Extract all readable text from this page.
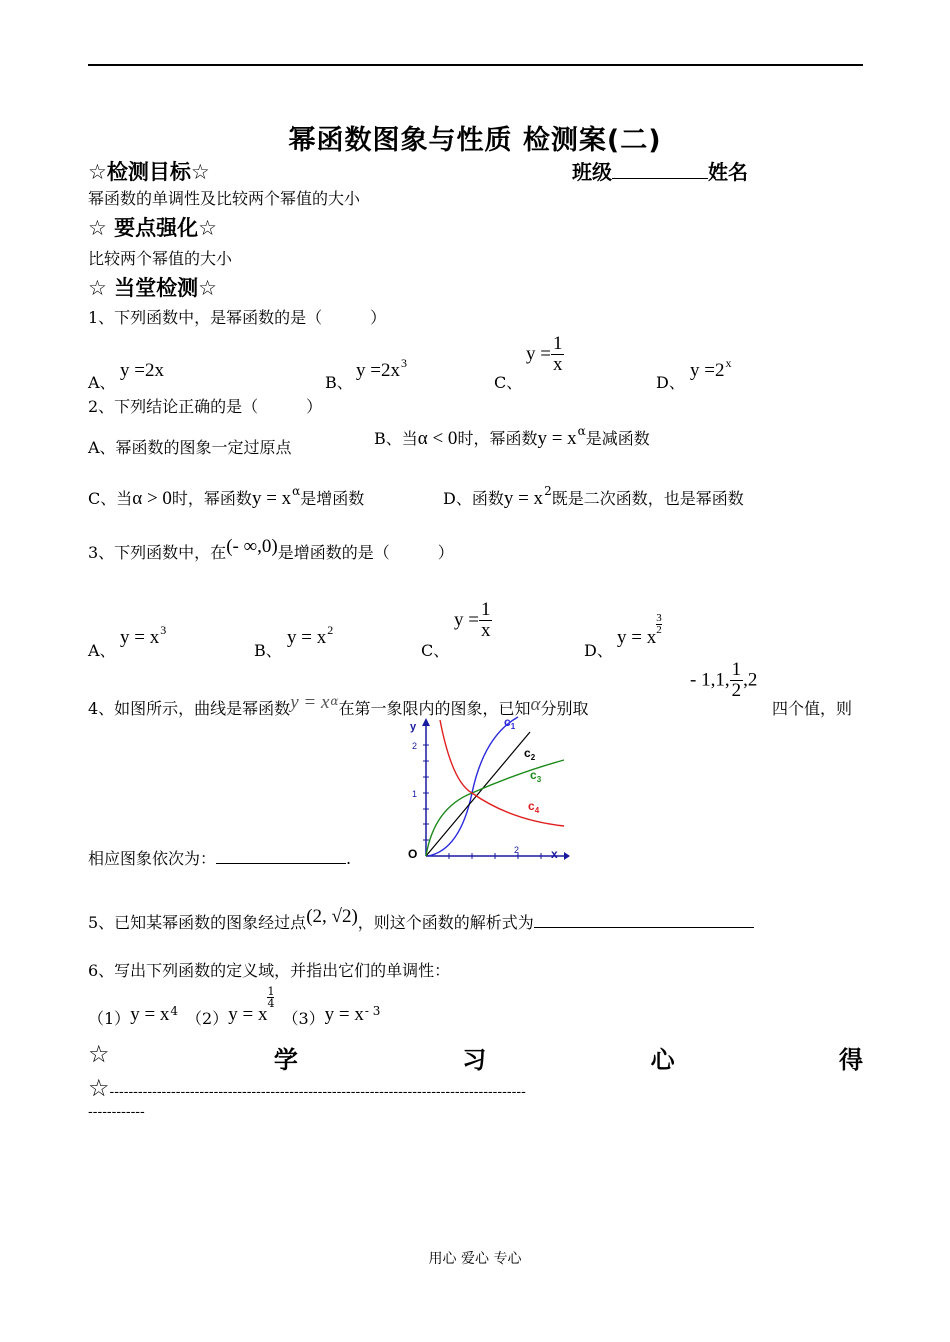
幂函数图象与性质 检测案(二)
☆检测目标☆	班级	姓名
幂函数的单调性及比较两个幂值的大小
☆ 要点强化☆
比较两个幂值的大小
☆ 当堂检测☆
1、下列函数中，是幂函数的是（　　　）
A、
y =2x
B、
$y =2x^3$
C、
$y = \frac{1}{x}$
D、
$y =2^x$
2、下列结论正确的是（　　　）
A、幂函数的图象一定过原点	B、当α < 0时，幂函数$y = x^\alpha$是减函数
C、当α > 0时，幂函数$y = x^\alpha$是增函数	D、函数$y = x^2$既是二次函数，也是幂函数
3、下列函数中，在(- ∞,0)是增函数的是（　　　）
A、
$y = x^3$
B、
$y = x^2$
C、
$y = \frac{1}{x}$
D、
y = x
$\frac{3}{2}$
4、如图所示，曲线是幂函数$y = x^\alpha$在第一象限内的图象，已知α分别取
- 1,1, $\frac{1}{2} ,2$
四个值，则
y
x
O
2
1
2
$c_1$
$c_2$
$c_3$
$c_4$
相应图象依次为：	.
5、已知某幂函数的图象经过点(2, √2)，则这个函数的解析式为
6、写出下列函数的定义域，并指出它们的单调性：
$(1)y = x^4$ （2）y = x
$\frac{1}{4}(3)y = x^{- 3}$
☆	学	习	心	得
☆----------------------------------------------------------------------------------------
------------
用心 爱心 专心
